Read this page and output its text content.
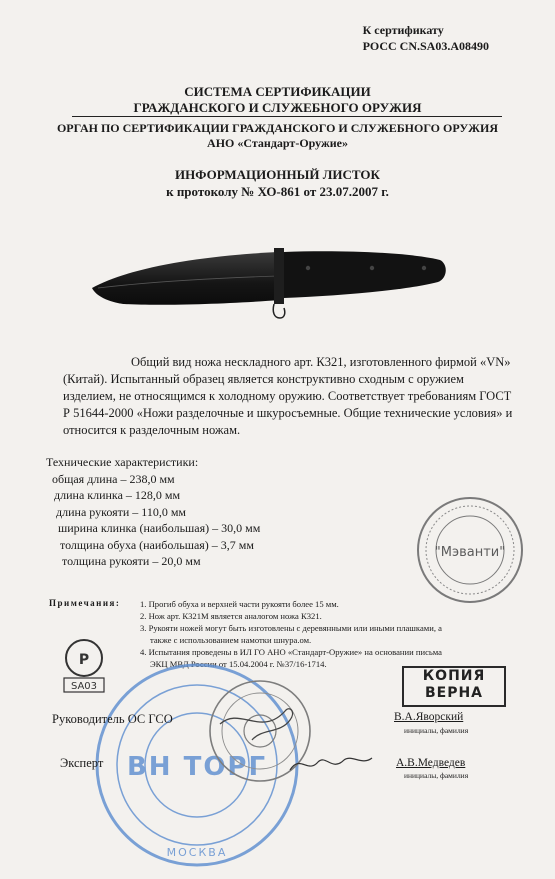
К сертификату
РОСС CN.SA03.A08490
СИСТЕМА СЕРТИФИКАЦИИ
ГРАЖДАНСКОГО И СЛУЖЕБНОГО ОРУЖИЯ
ОРГАН ПО СЕРТИФИКАЦИИ ГРАЖДАНСКОГО И СЛУЖЕБНОГО ОРУЖИЯ
АНО «Стандарт-Оружие»
ИНФОРМАЦИОННЫЙ ЛИСТОК
к протоколу № ХО-861 от 23.07.2007 г.
Общий вид ножа нескладного арт. К321, изготовленного фирмой «VN»
(Китай). Испытанный образец является конструктивно сходным с оружием
изделием, не относящимся к холодному оружию. Соответствует требованиям ГОСТ
Р 51644-2000 «Ножи разделочные и шкуросъемные. Общие технические условия» и
относится к разделочным ножам.
Технические характеристики:
общая длина – 238,0 мм
длина клинка – 128,0 мм
длина рукояти – 110,0 мм
ширина клинка (наибольшая) – 30,0 мм
толщина обуха (наибольшая) – 3,7 мм
толщина рукояти – 20,0 мм
"Мэванти"
Примечания: 1. Прогиб обуха и верхней части рукояти более 15 мм.
2. Нож арт. К321М является аналогом ножа К321.
3. Рукояти ножей могут быть изготовлены с деревянными или иными плашками, а
также с использованием намотки шнура.ом.
4. Испытания проведены в ИЛ ГО АНО «Стандарт-Оружие» на основании письма
ЭКЦ МВД России от 15.04.2004 г. №37/16-1714.
Р
SA03
ВН ТОРГ
МОСКВА
КОПИЯ
ВЕРНА
Руководитель ОС ГСО	В.А.Яворский
инициалы, фамилия
Эксперт	А.В.Медведев
инициалы, фамилия
